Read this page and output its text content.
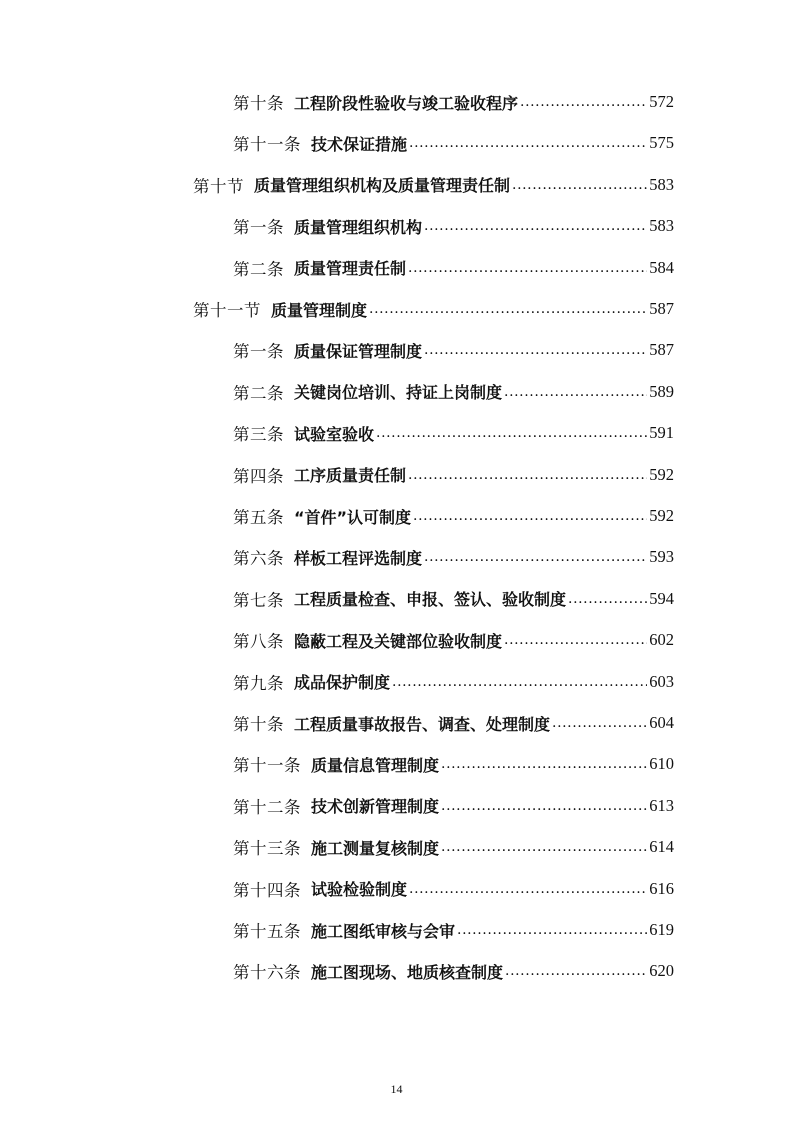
第十条 工程阶段性验收与竣工验收程序 .....	572
第十一条 技术保证措施 .....	575
第十节 质量管理组织机构及质量管理责任制 .....	583
第一条 质量管理组织机构 .....	583
第二条 质量管理责任制 .....	584
第十一节 质量管理制度 .....	587
第一条 质量保证管理制度 .....	587
第二条 关键岗位培训、持证上岗制度 .....	589
第三条 试验室验收 .....	591
第四条 工序质量责任制 .....	592
第五条 “首件”认可制度 .....	592
第六条 样板工程评选制度 .....	593
第七条 工程质量检查、申报、签认、验收制度 .....	594
第八条 隐蔽工程及关键部位验收制度 .....	602
第九条 成品保护制度 .....	603
第十条 工程质量事故报告、调查、处理制度 .....	604
第十一条 质量信息管理制度 .....	610
第十二条 技术创新管理制度 .....	613
第十三条 施工测量复核制度 .....	614
第十四条 试验检验制度 .....	616
第十五条 施工图纸审核与会审 .....	619
第十六条 施工图现场、地质核查制度 .....	620
14
